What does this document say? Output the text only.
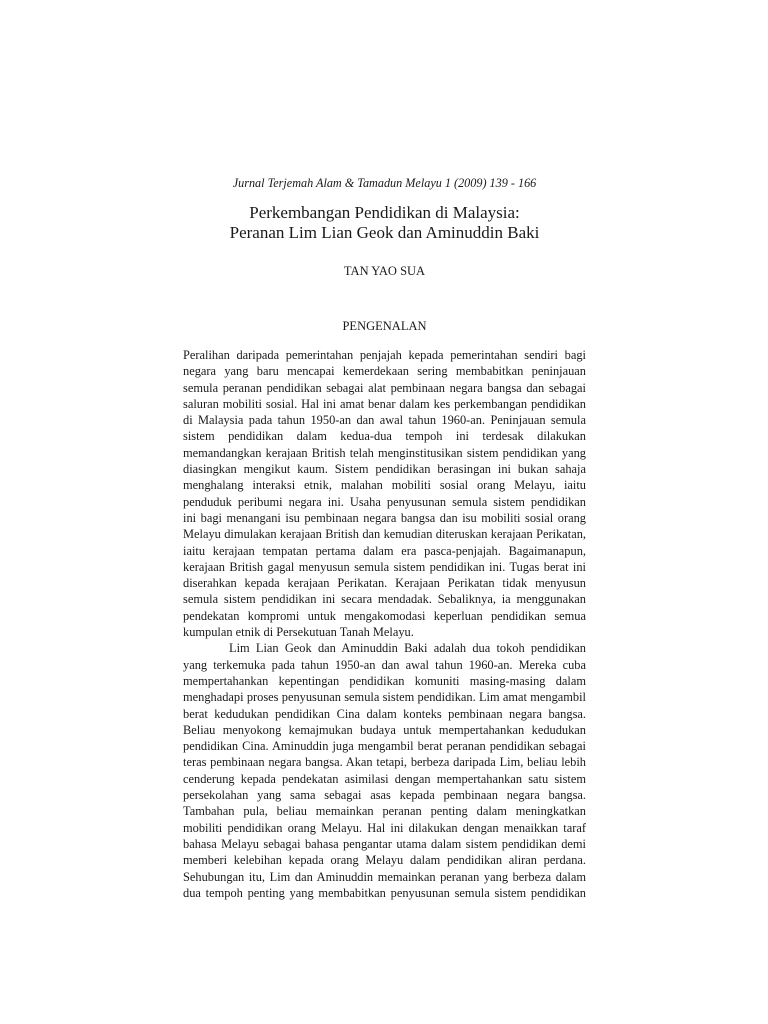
Jurnal Terjemah Alam & Tamadun Melayu 1 (2009) 139 - 166
Perkembangan Pendidikan di Malaysia:
Peranan Lim Lian Geok dan Aminuddin Baki
TAN YAO SUA
PENGENALAN
Peralihan daripada pemerintahan penjajah kepada pemerintahan sendiri bagi
negara yang baru mencapai kemerdekaan sering membabitkan peninjauan
semula peranan pendidikan sebagai alat pembinaan negara bangsa dan sebagai
saluran mobiliti sosial. Hal ini amat benar dalam kes perkembangan pendidikan
di Malaysia pada tahun 1950-an dan awal tahun 1960-an. Peninjauan semula
sistem pendidikan dalam kedua-dua tempoh ini terdesak dilakukan
memandangkan kerajaan British telah menginstitusikan sistem pendidikan yang
diasingkan mengikut kaum. Sistem pendidikan berasingan ini bukan sahaja
menghalang interaksi etnik, malahan mobiliti sosial orang Melayu, iaitu
penduduk peribumi negara ini. Usaha penyusunan semula sistem pendidikan
ini bagi menangani isu pembinaan negara bangsa dan isu mobiliti sosial orang
Melayu dimulakan kerajaan British dan kemudian diteruskan kerajaan Perikatan,
iaitu kerajaan tempatan pertama dalam era pasca-penjajah. Bagaimanapun,
kerajaan British gagal menyusun semula sistem pendidikan ini. Tugas berat ini
diserahkan kepada kerajaan Perikatan. Kerajaan Perikatan tidak menyusun
semula sistem pendidikan ini secara mendadak. Sebaliknya, ia menggunakan
pendekatan kompromi untuk mengakomodasi keperluan pendidikan semua
kumpulan etnik di Persekutuan Tanah Melayu.
Lim Lian Geok dan Aminuddin Baki adalah dua tokoh pendidikan
yang terkemuka pada tahun 1950-an dan awal tahun 1960-an. Mereka cuba
mempertahankan kepentingan pendidikan komuniti masing-masing dalam
menghadapi proses penyusunan semula sistem pendidikan. Lim amat mengambil
berat kedudukan pendidikan Cina dalam konteks pembinaan negara bangsa.
Beliau menyokong kemajmukan budaya untuk mempertahankan kedudukan
pendidikan Cina. Aminuddin juga mengambil berat peranan pendidikan sebagai
teras pembinaan negara bangsa. Akan tetapi, berbeza daripada Lim, beliau lebih
cenderung kepada pendekatan asimilasi dengan mempertahankan satu sistem
persekolahan yang sama sebagai asas kepada pembinaan negara bangsa.
Tambahan pula, beliau memainkan peranan penting dalam meningkatkan
mobiliti pendidikan orang Melayu. Hal ini dilakukan dengan menaikkan taraf
bahasa Melayu sebagai bahasa pengantar utama dalam sistem pendidikan demi
memberi kelebihan kepada orang Melayu dalam pendidikan aliran perdana.
Sehubungan itu, Lim dan Aminuddin memainkan peranan yang berbeza dalam
dua tempoh penting yang membabitkan penyusunan semula sistem pendidikan
